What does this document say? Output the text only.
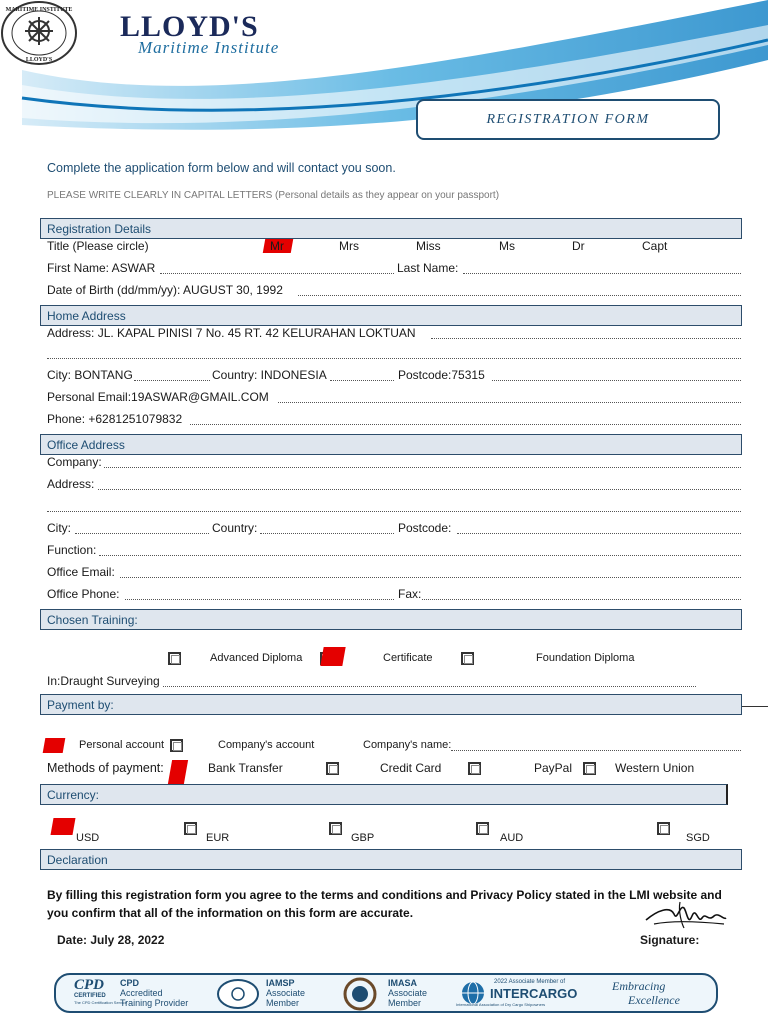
MARITIME INSTITUTE
LLOYD'S
LLOYD'S
Maritime Institute
REGISTRATION FORM
Complete the application form below and will contact you soon.
PLEASE WRITE CLEARLY IN CAPITAL LETTERS (Personal details as they appear on your passport)
Registration Details
Title (Please circle)	Mr	Mrs	Miss	Ms	Dr	Capt
First Name: ASWAR	Last Name:
Date of Birth (dd/mm/yy): AUGUST 30, 1992
Home Address
Address: JL. KAPAL PINISI 7 No. 45 RT. 42 KELURAHAN LOKTUAN
City: BONTANG	Country: INDONESIA	Postcode:75315
Personal Email:19ASWAR@GMAIL.COM
Phone: +6281251079832
Office Address
Company:
Address:
City:	Country:	Postcode:
Function:
Office Email:
Office Phone:	Fax:
Chosen Training:
Advanced Diploma	Certificate	Foundation Diploma
In:Draught Surveying
Payment by:
Personal account	Company's account	Company's name:
Methods of payment:	Bank Transfer	Credit Card	PayPal	Western Union
Currency:
USD	EUR	GBP	AUD	SGD
Declaration
By filling this registration form you agree to the terms and conditions and Privacy Policy stated in the LMI website and you confirm that all of the information on this form are accurate.
Date: July 28, 2022	Signature:
CPD
CERTIFIED
The CPD Certification Service
CPD
Accredited
Training Provider
IAMSP
Associate
Member
IMASA
Associate
Member
2022 Associate Member of
INTERCARGO
International Association of Dry Cargo Shipowners
Embracing
Excellence
